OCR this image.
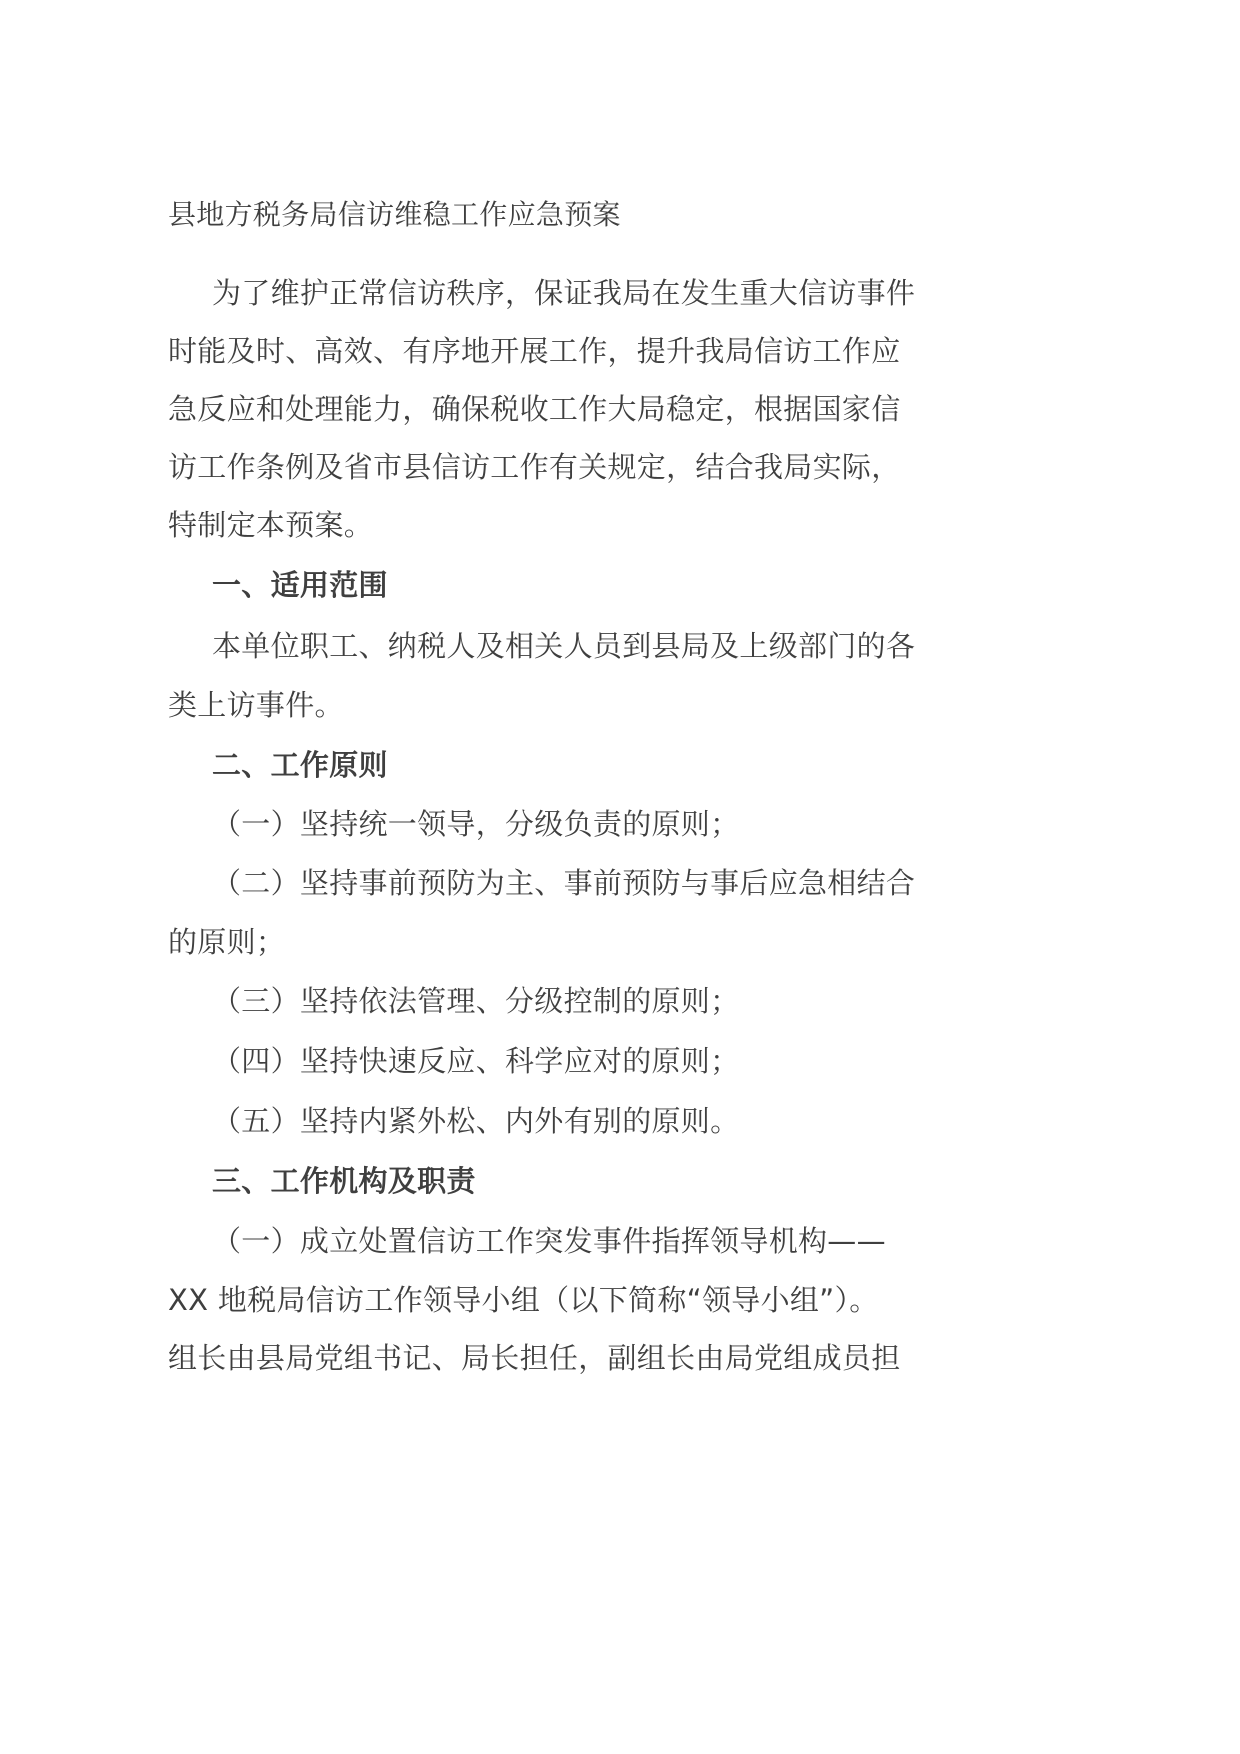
县地方税务局信访维稳工作应急预案
为了维护正常信访秩序，保证我局在发生重大信访事件
时能及时、高效、有序地开展工作，提升我局信访工作应
急反应和处理能力，确保税收工作大局稳定，根据国家信
访工作条例及省市县信访工作有关规定，结合我局实际，
特制定本预案。
一、适用范围
本单位职工、纳税人及相关人员到县局及上级部门的各
类上访事件。
二、工作原则
（一）坚持统一领导，分级负责的原则；
（二）坚持事前预防为主、事前预防与事后应急相结合
的原则；
（三）坚持依法管理、分级控制的原则；
（四）坚持快速反应、科学应对的原则；
（五）坚持内紧外松、内外有别的原则。
三、工作机构及职责
（一）成立处置信访工作突发事件指挥领导机构——
XX 地税局信访工作领导小组（以下简称“领导小组”）。
组长由县局党组书记、局长担任，副组长由局党组成员担
